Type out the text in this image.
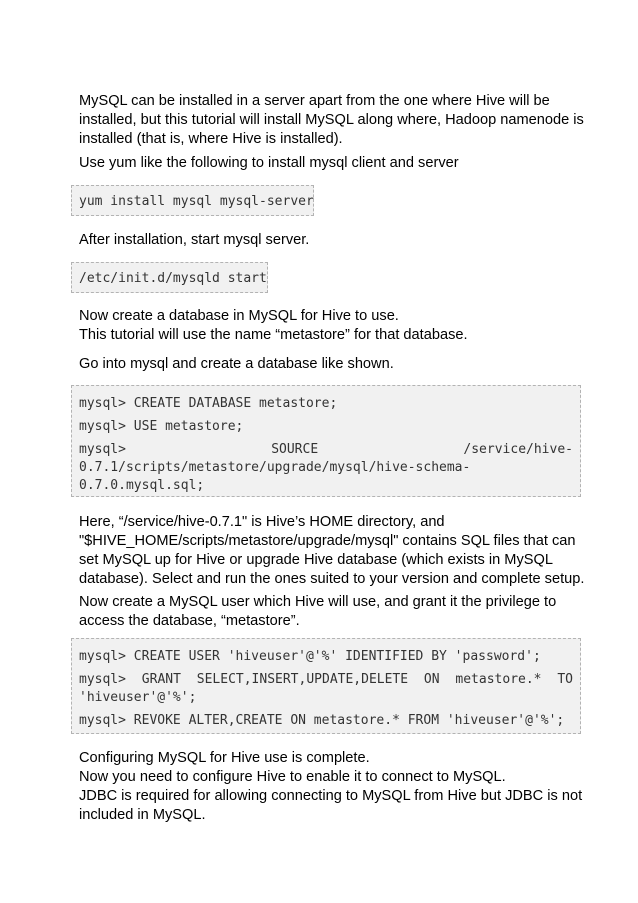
MySQL can be installed in a server apart from the one where Hive will be
installed, but this tutorial will install MySQL along where, Hadoop namenode is
installed (that is, where Hive is installed).

Use yum like the following to install mysql client and server

yum install mysql mysql-server

After installation, start mysql server.

/etc/init.d/mysqld start

Now create a database in MySQL for Hive to use.
This tutorial will use the name “metastore” for that database.

Go into mysql and create a database like shown.

mysql> CREATE DATABASE metastore;
mysql> USE metastore;
mysql>	SOURCE	/service/hive-
0.7.1/scripts/metastore/upgrade/mysql/hive-schema-
0.7.0.mysql.sql;

Here, “/service/hive-0.7.1" is Hive’s HOME directory, and
"$HIVE_HOME/scripts/metastore/upgrade/mysql" contains SQL files that can
set MySQL up for Hive or upgrade Hive database (which exists in MySQL
database). Select and run the ones suited to your version and complete setup.

Now create a MySQL user which Hive will use, and grant it the privilege to
access the database, “metastore”.

mysql> CREATE USER 'hiveuser'@'%' IDENTIFIED BY 'password';
mysql> GRANT SELECT,INSERT,UPDATE,DELETE ON metastore.* TO
'hiveuser'@'%';
mysql> REVOKE ALTER,CREATE ON metastore.* FROM 'hiveuser'@'%';

Configuring MySQL for Hive use is complete.
Now you need to configure Hive to enable it to connect to MySQL.
JDBC is required for allowing connecting to MySQL from Hive but JDBC is not
included in MySQL.
